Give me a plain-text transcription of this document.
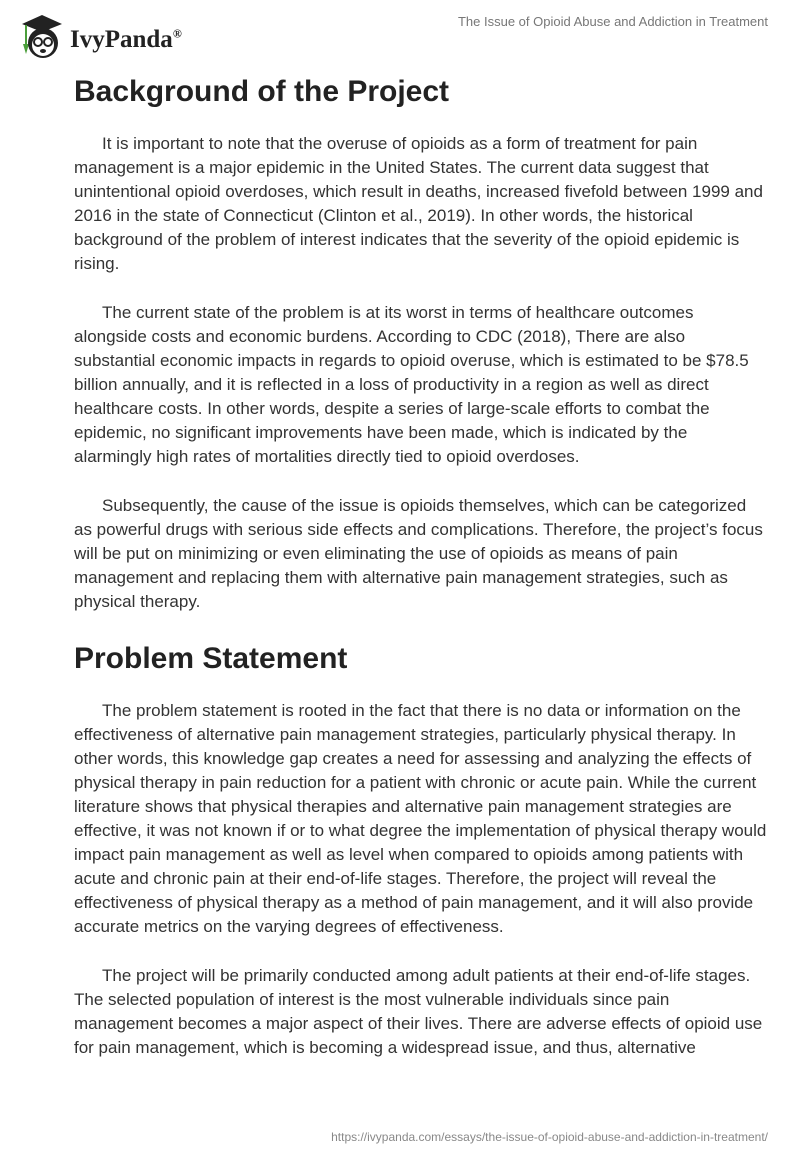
IvyPanda®
The Issue of Opioid Abuse and Addiction in Treatment
Background of the Project

It is important to note that the overuse of opioids as a form of treatment for pain management is a major epidemic in the United States. The current data suggest that unintentional opioid overdoses, which result in deaths, increased fivefold between 1999 and 2016 in the state of Connecticut (Clinton et al., 2019). In other words, the historical background of the problem of interest indicates that the severity of the opioid epidemic is rising.

The current state of the problem is at its worst in terms of healthcare outcomes alongside costs and economic burdens. According to CDC (2018), There are also substantial economic impacts in regards to opioid overuse, which is estimated to be $78.5 billion annually, and it is reflected in a loss of productivity in a region as well as direct healthcare costs. In other words, despite a series of large-scale efforts to combat the epidemic, no significant improvements have been made, which is indicated by the alarmingly high rates of mortalities directly tied to opioid overdoses.

Subsequently, the cause of the issue is opioids themselves, which can be categorized as powerful drugs with serious side effects and complications. Therefore, the project’s focus will be put on minimizing or even eliminating the use of opioids as means of pain management and replacing them with alternative pain management strategies, such as physical therapy.

Problem Statement

The problem statement is rooted in the fact that there is no data or information on the effectiveness of alternative pain management strategies, particularly physical therapy. In other words, this knowledge gap creates a need for assessing and analyzing the effects of physical therapy in pain reduction for a patient with chronic or acute pain. While the current literature shows that physical therapies and alternative pain management strategies are effective, it was not known if or to what degree the implementation of physical therapy would impact pain management as well as level when compared to opioids among patients with acute and chronic pain at their end-of-life stages. Therefore, the project will reveal the effectiveness of physical therapy as a method of pain management, and it will also provide accurate metrics on the varying degrees of effectiveness.

The project will be primarily conducted among adult patients at their end-of-life stages. The selected population of interest is the most vulnerable individuals since pain management becomes a major aspect of their lives. There are adverse effects of opioid use for pain management, which is becoming a widespread issue, and thus, alternative

https://ivypanda.com/essays/the-issue-of-opioid-abuse-and-addiction-in-treatment/
